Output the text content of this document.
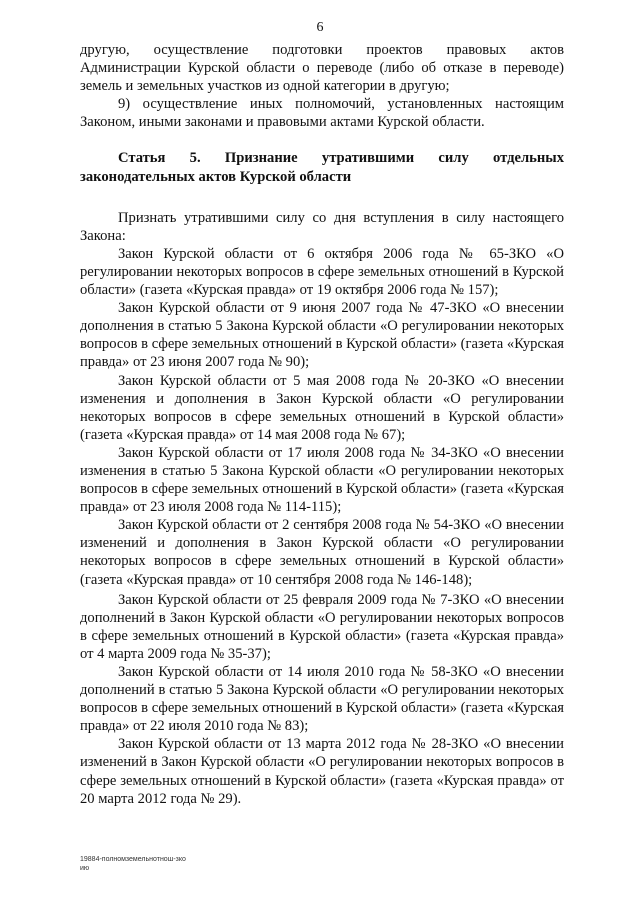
6

другую, осуществление подготовки проектов правовых актов Администрации Курской области о переводе (либо об отказе в переводе) земель и земельных участков из одной категории в другую;

9) осуществление иных полномочий, установленных настоящим Законом, иными законами и правовыми актами Курской области.

Статья 5. Признание утратившими силу отдельных законодательных актов Курской области

Признать утратившими силу со дня вступления в силу настоящего Закона:

Закон Курской области от 6 октября 2006 года № 65-ЗКО «О регулировании некоторых вопросов в сфере земельных отношений в Курской области» (газета «Курская правда» от 19 октября 2006 года № 157);

Закон Курской области от 9 июня 2007 года № 47-ЗКО «О внесении дополнения в статью 5 Закона Курской области «О регулировании некоторых вопросов в сфере земельных отношений в Курской области» (газета «Курская правда» от 23 июня 2007 года № 90);

Закон Курской области от 5 мая 2008 года № 20-ЗКО «О внесении изменения и дополнения в Закон Курской области «О регулировании некоторых вопросов в сфере земельных отношений в Курской области» (газета «Курская правда» от 14 мая 2008 года № 67);

Закон Курской области от 17 июля 2008 года № 34-ЗКО «О внесении изменения в статью 5 Закона Курской области «О регулировании некоторых вопросов в сфере земельных отношений в Курской области» (газета «Курская правда» от 23 июля 2008 года № 114-115);

Закон Курской области от 2 сентября 2008 года № 54-ЗКО «О внесении изменений и дополнения в Закон Курской области «О регулировании некоторых вопросов в сфере земельных отношений в Курской области» (газета «Курская правда» от 10 сентября 2008 года № 146-148);

Закон Курской области от 25 февраля 2009 года № 7-ЗКО «О внесении дополнений в Закон Курской области «О регулировании некоторых вопросов в сфере земельных отношений в Курской области» (газета «Курская правда» от 4 марта 2009 года № 35-37);

Закон Курской области от 14 июля 2010 года № 58-ЗКО «О внесении дополнений в статью 5 Закона Курской области «О регулировании некоторых вопросов в сфере земельных отношений в Курской области» (газета «Курская правда» от 22 июля 2010 года № 83);

Закон Курской области от 13 марта 2012 года № 28-ЗКО «О внесении изменений в Закон Курской области «О регулировании некоторых вопросов в сфере земельных отношений в Курской области» (газета «Курская правда» от 20 марта 2012 года № 29).

19884-полномземельнотнош-зко
ию
